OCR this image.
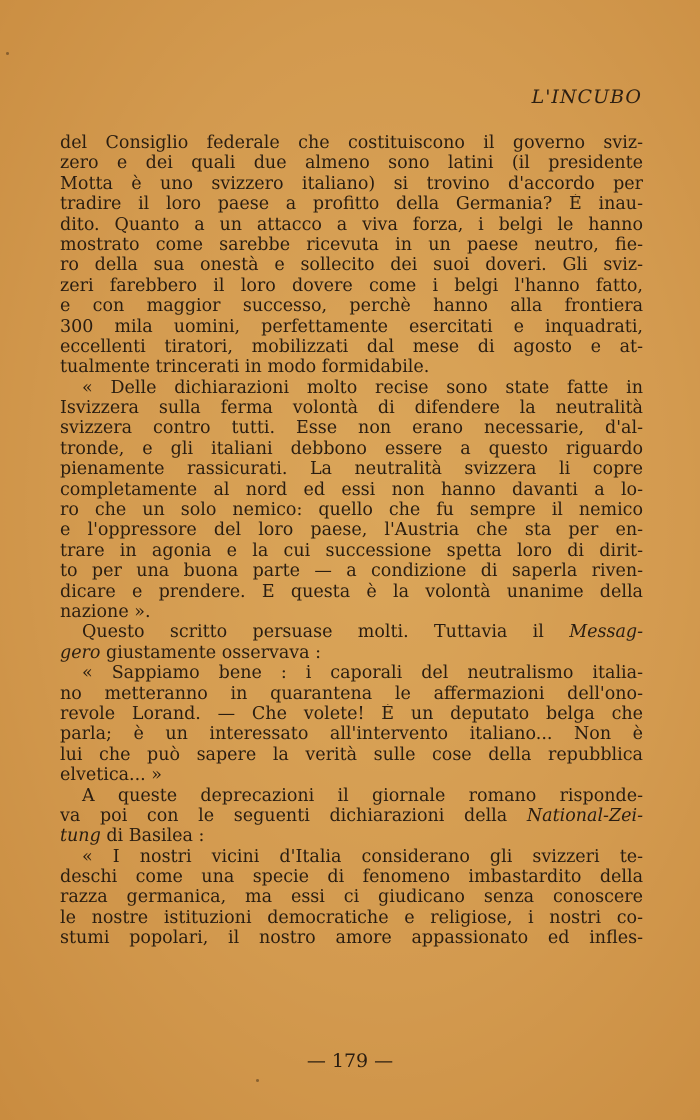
L'INCUBO
del Consiglio federale che costituiscono il governo sviz-
zero e dei quali due almeno sono latini (il presidente
Motta è uno svizzero italiano) si trovino d'accordo per
tradire il loro paese a profitto della Germania? È inau-
dito. Quanto a un attacco a viva forza, i belgi le hanno
mostrato come sarebbe ricevuta in un paese neutro, fie-
ro della sua onestà e sollecito dei suoi doveri. Gli sviz-
zeri farebbero il loro dovere come i belgi l'hanno fatto,
e con maggior successo, perchè hanno alla frontiera
300 mila uomini, perfettamente esercitati e inquadrati,
eccellenti tiratori, mobilizzati dal mese di agosto e at-
tualmente trincerati in modo formidabile.
« Delle dichiarazioni molto recise sono state fatte in
Isvizzera sulla ferma volontà di difendere la neutralità
svizzera contro tutti. Esse non erano necessarie, d'al-
tronde, e gli italiani debbono essere a questo riguardo
pienamente rassicurati. La neutralità svizzera li copre
completamente al nord ed essi non hanno davanti a lo-
ro che un solo nemico: quello che fu sempre il nemico
e l'oppressore del loro paese, l'Austria che sta per en-
trare in agonia e la cui successione spetta loro di dirit-
to per una buona parte — a condizione di saperla riven-
dicare e prendere. E questa è la volontà unanime della
nazione ».
Questo scritto persuase molti. Tuttavia il Messag-
gero giustamente osservava :
« Sappiamo bene : i caporali del neutralismo italia-
no metteranno in quarantena le affermazioni dell'ono-
revole Lorand. — Che volete! È un deputato belga che
parla; è un interessato all'intervento italiano... Non è
lui che può sapere la verità sulle cose della repubblica
elvetica... »
A queste deprecazioni il giornale romano risponde-
va poi con le seguenti dichiarazioni della National-Zei-
tung di Basilea :
« I nostri vicini d'Italia considerano gli svizzeri te-
deschi come una specie di fenomeno imbastardito della
razza germanica, ma essi ci giudicano senza conoscere
le nostre istituzioni democratiche e religiose, i nostri co-
stumi popolari, il nostro amore appassionato ed infles-
— 179 —
